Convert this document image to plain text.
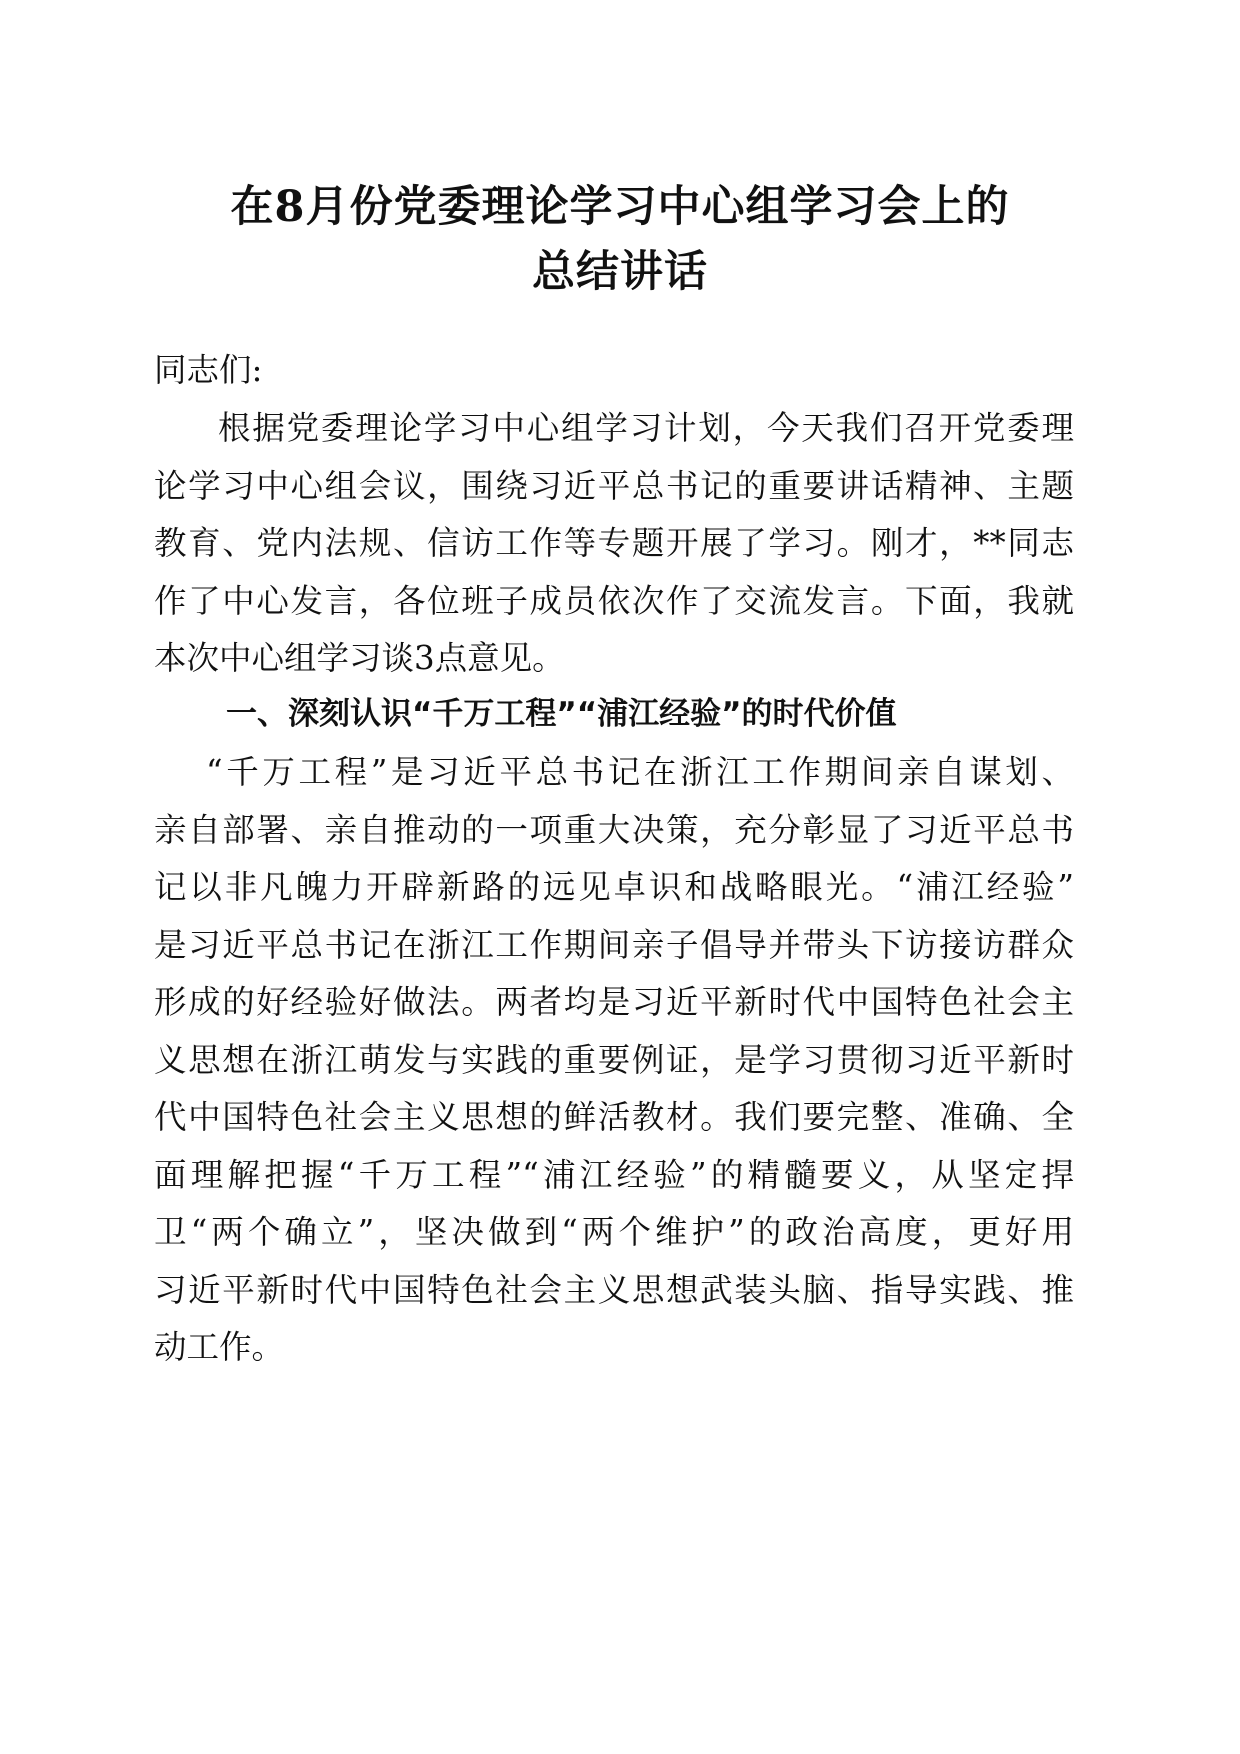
在8月份党委理论学习中心组学习会上的
总结讲话

同志们:

根据党委理论学习中心组学习计划，今天我们召开党委理

论学习中心组会议，围绕习近平总书记的重要讲话精神、主题

教育、党内法规、信访工作等专题开展了学习。刚才，**同志

作了中心发言，各位班子成员依次作了交流发言。下面，我就

本次中心组学习谈3点意见。

一、深刻认识“千万工程”“浦江经验”的时代价值

“千万工程”是习近平总书记在浙江工作期间亲自谋划、

亲自部署、亲自推动的一项重大决策，充分彰显了习近平总书

记以非凡魄力开辟新路的远见卓识和战略眼光。“浦江经验”

是习近平总书记在浙江工作期间亲子倡导并带头下访接访群众

形成的好经验好做法。两者均是习近平新时代中国特色社会主

义思想在浙江萌发与实践的重要例证，是学习贯彻习近平新时

代中国特色社会主义思想的鲜活教材。我们要完整、准确、全

面理解把握“千万工程”“浦江经验”的精髓要义，从坚定捍

卫“两个确立”，坚决做到“两个维护”的政治高度，更好用

习近平新时代中国特色社会主义思想武装头脑、指导实践、推

动工作。
